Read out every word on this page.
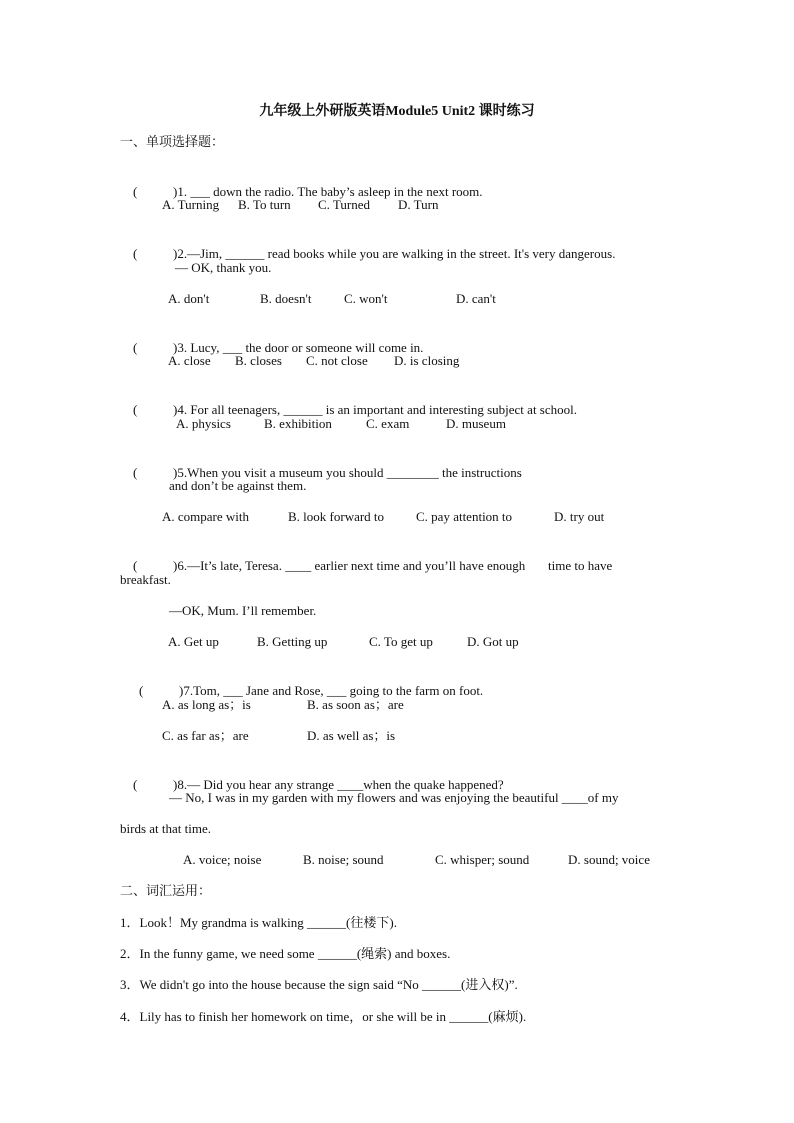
九年级上外研版英语Module5 Unit2 课时练习
一、单项选择题：

(	)1. ___ down the radio. The baby’s asleep in the next room.

A. Turning B. To turn C. Turned D. Turn

(	)2.—Jim, ______ read books while you are walking in the street. It's very dangerous.

— OK, thank you.
A. don't	B. doesn't	C. won't	D. can't

(	)3. Lucy, ___ the door or someone will come in.

A. close B. closes C. not close D. is closing

(	)4. For all teenagers, ______ is an important and interesting subject at school.

A. physics	B. exhibition	C. exam	D. museum

(	)5.When you visit a museum you should ________ the instructions

and don’t be against them.
A. compare with	B. look forward to C. pay attention to	D. try out

(	)6.—It’s late, Teresa. ____ earlier next time and you’ll have enough       time to have

breakfast.
—OK, Mum. I’ll remember.
A. Get up	B. Getting up	C. To get up	D. Got up

(	)7.Tom, ___ Jane and Rose, ___ going to the farm on foot.

A. as long as；is	B. as soon as；are
C. as far as；are	D. as well as；is

(	)8.— Did you hear any strange ____when the quake happened?

— No, I was in my garden with my flowers and was enjoying the beautiful ____of my
birds at that time.
A. voice; noise	B. noise; sound	C. whisper; sound	D. sound; voice
二、词汇运用：
1．Look！My grandma is walking ______(往楼下).
2．In the funny game, we need some ______(绳索) and boxes.
3．We didn't go into the house because the sign said “No ______(进入权)”.
4．Lily has to finish her homework on time，or she will be in ______(麻烦).
